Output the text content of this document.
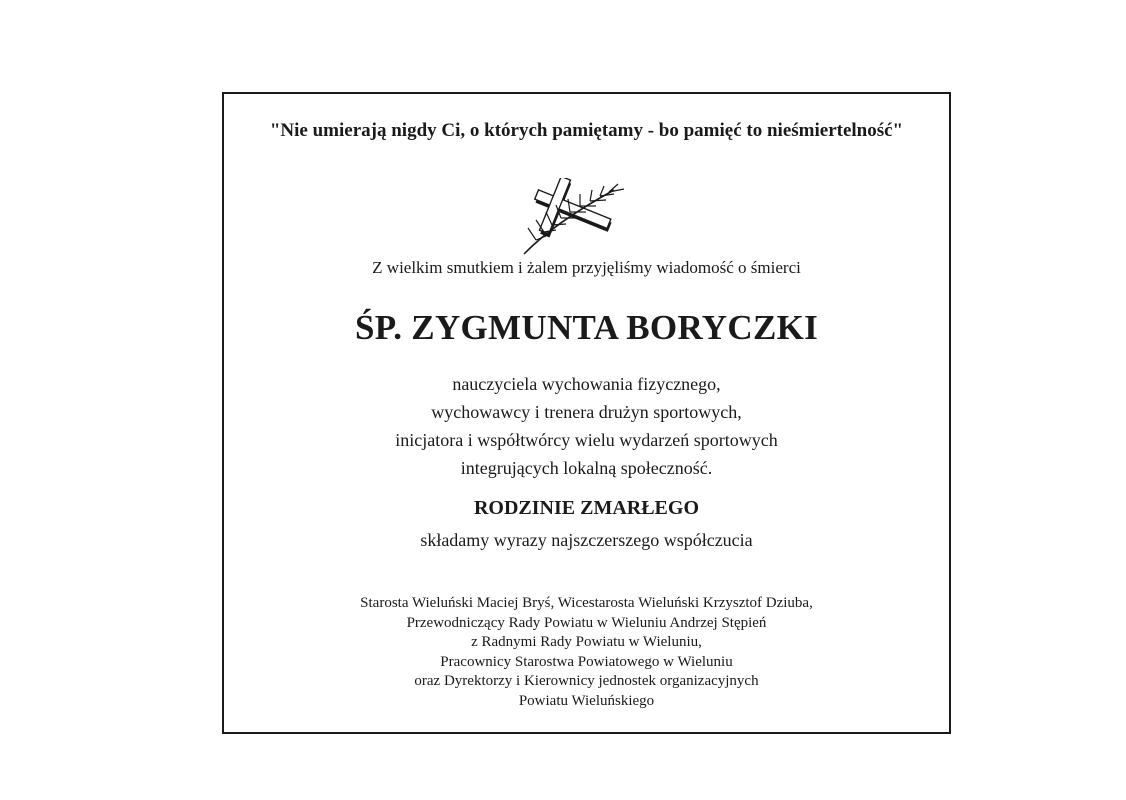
"Nie umierają nigdy Ci, o których pamiętamy - bo pamięć to nieśmiertelność"
Z wielkim smutkiem i żalem przyjęliśmy wiadomość o śmierci
ŚP. ZYGMUNTA BORYCZKI
nauczyciela wychowania fizycznego,
wychowawcy i trenera drużyn sportowych,
inicjatora i współtwórcy wielu wydarzeń sportowych
integrujących lokalną społeczność.
RODZINIE ZMARŁEGO
składamy wyrazy najszczerszego współczucia
Starosta Wieluński Maciej Bryś, Wicestarosta Wieluński Krzysztof Dziuba,
Przewodniczący Rady Powiatu w Wieluniu Andrzej Stępień
z Radnymi Rady Powiatu w Wieluniu,
Pracownicy Starostwa Powiatowego w Wieluniu
oraz Dyrektorzy i Kierownicy jednostek organizacyjnych
Powiatu Wieluńskiego
